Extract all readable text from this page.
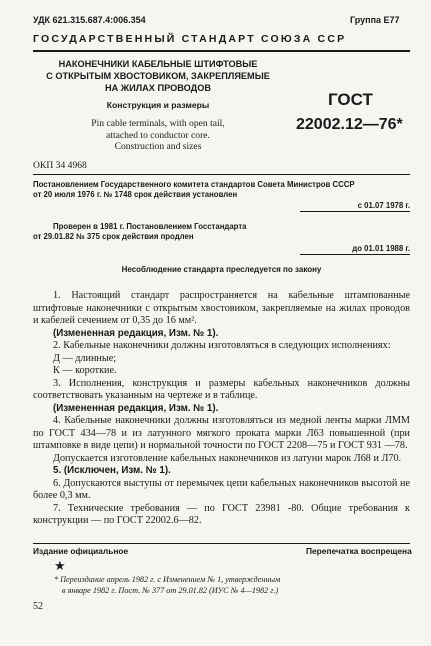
УДК 621.315.687.4:006.354	Группа Е77
ГОСУДАРСТВЕННЫЙ СТАНДАРТ СОЮЗА ССР
НАКОНЕЧНИКИ КАБЕЛЬНЫЕ ШТИФТОВЫЕ
С ОТКРЫТЫМ ХВОСТОВИКОМ, ЗАКРЕПЛЯЕМЫЕ
НА ЖИЛАХ ПРОВОДОВ
Конструкция и размеры
Pin cable terminals, with open tail,
attached to conductor core.
Construction and sizes
ГОСТ
22002.12—76*
ОКП 34 4968
Постановлением Государственного комитета стандартов Совета Министров СССР
от 20 июля 1976 г. № 1748 срок действия установлен
с 01.07 1978 г.
Проверен в 1981 г. Постановлением Госстандарта
от 29.01.82 № 375 срок действия продлен
до 01.01 1988 г.
Несоблюдение стандарта преследуется по закону
1. Настоящий стандарт распространяется на кабельные штампованные штифтовые наконечники с открытым хвостовиком, закрепляемые на жилах проводов и кабелей сечением от 0,35 до 16 мм².
(Измененная редакция, Изм. № 1).
2. Кабельные наконечники должны изготовляться в следующих исполнениях:
Д — длинные;
К — короткие.
3. Исполнения, конструкция и размеры кабельных наконечников должны соответствовать указанным на чертеже и в таблице.
(Измененная редакция, Изм. № 1).
4. Кабельные наконечники должны изготовляться из медной ленты марки ЛММ по ГОСТ 434—78 и из латунного мягкого проката марки Л63 повышенной (при штамповке в виде цепи) и нормальной точности по ГОСТ 2208—75 и ГОСТ 931 —78.
Допускается изготовление кабельных наконечников из латуни марок Л68 и Л70.
5. (Исключен, Изм. № 1).
6. Допускаются выступы от перемычек цепи кабельных наконечников высотой не более 0,3 мм.
7. Технические требования — по ГОСТ 23981 -80. Общие требования к конструкции — по ГОСТ 22002.6—82.
Издание официальное	Перепечатка воспрещена
★
* Переиздание апрель 1982 г. с Изменением № 1, утвержденным
в январе 1982 г. Пост. № 377 от 29.01.82 (ИУС № 4—1982 г.)
52
